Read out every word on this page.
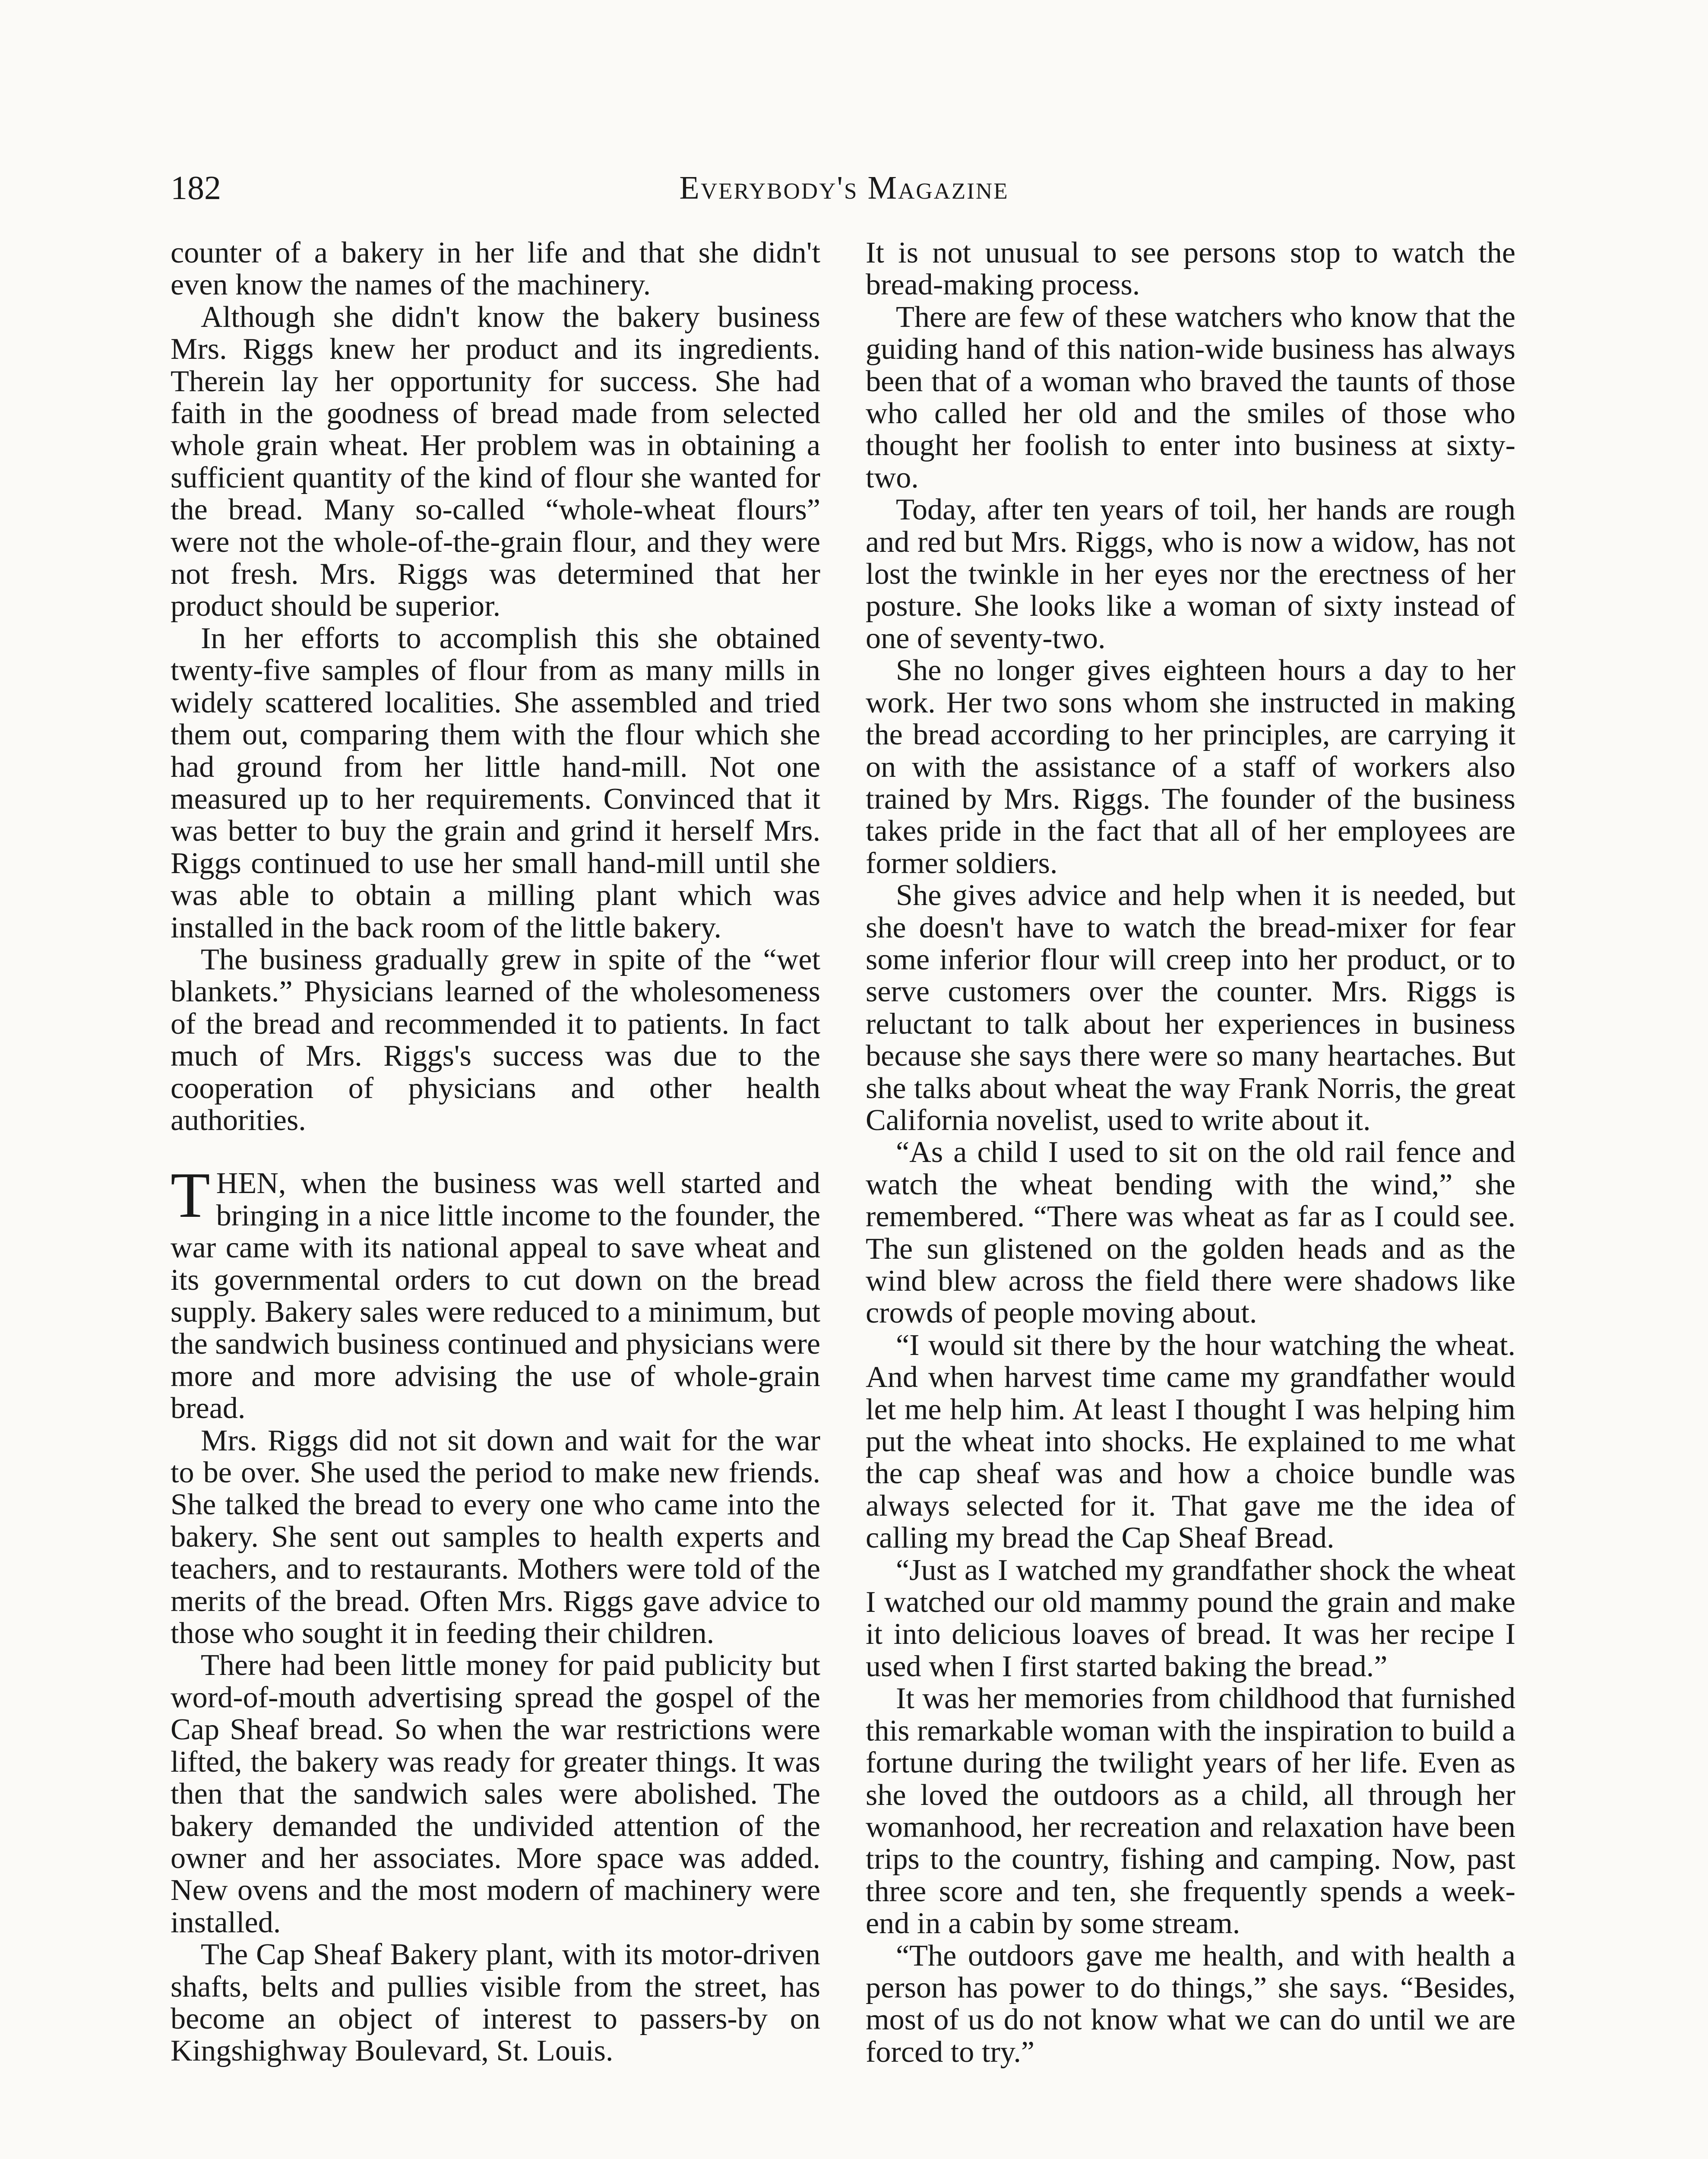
182	Everybody's Magazine

counter of a bakery in her life and that she didn't even know the names of the machinery.

Although she didn't know the bakery business Mrs. Riggs knew her product and its ingredients. Therein lay her opportunity for success. She had faith in the goodness of bread made from selected whole grain wheat. Her problem was in obtaining a sufficient quantity of the kind of flour she wanted for the bread. Many so-called “whole-wheat flours” were not the whole-of-the-grain flour, and they were not fresh. Mrs. Riggs was determined that her product should be superior.

In her efforts to accomplish this she obtained twenty-five samples of flour from as many mills in widely scattered localities. She assembled and tried them out, comparing them with the flour which she had ground from her little hand-mill. Not one measured up to her requirements. Convinced that it was better to buy the grain and grind it herself Mrs. Riggs continued to use her small hand-mill until she was able to obtain a milling plant which was installed in the back room of the little bakery.

The business gradually grew in spite of the “wet blankets.” Physicians learned of the wholesomeness of the bread and recommended it to patients. In fact much of Mrs. Riggs's success was due to the cooperation of physicians and other health authorities.

THEN, when the business was well started and bringing in a nice little income to the founder, the war came with its national appeal to save wheat and its governmental orders to cut down on the bread supply. Bakery sales were reduced to a minimum, but the sandwich business continued and physicians were more and more advising the use of whole-grain bread.

Mrs. Riggs did not sit down and wait for the war to be over. She used the period to make new friends. She talked the bread to every one who came into the bakery. She sent out samples to health experts and teachers, and to restaurants. Mothers were told of the merits of the bread. Often Mrs. Riggs gave advice to those who sought it in feeding their children.

There had been little money for paid publicity but word-of-mouth advertising spread the gospel of the Cap Sheaf bread. So when the war restrictions were lifted, the bakery was ready for greater things. It was then that the sandwich sales were abolished. The bakery demanded the undivided attention of the owner and her associates. More space was added. New ovens and the most modern of machinery were installed.

The Cap Sheaf Bakery plant, with its motor-driven shafts, belts and pullies visible from the street, has become an object of interest to passers-by on Kingshighway Boulevard, St. Louis.

It is not unusual to see persons stop to watch the bread-making process.

There are few of these watchers who know that the guiding hand of this nation-wide business has always been that of a woman who braved the taunts of those who called her old and the smiles of those who thought her foolish to enter into business at sixty-two.

Today, after ten years of toil, her hands are rough and red but Mrs. Riggs, who is now a widow, has not lost the twinkle in her eyes nor the erectness of her posture. She looks like a woman of sixty instead of one of seventy-two.

She no longer gives eighteen hours a day to her work. Her two sons whom she instructed in making the bread according to her principles, are carrying it on with the assistance of a staff of workers also trained by Mrs. Riggs. The founder of the business takes pride in the fact that all of her employees are former soldiers.

She gives advice and help when it is needed, but she doesn't have to watch the bread-mixer for fear some inferior flour will creep into her product, or to serve customers over the counter. Mrs. Riggs is reluctant to talk about her experiences in business because she says there were so many heartaches. But she talks about wheat the way Frank Norris, the great California novelist, used to write about it.

“As a child I used to sit on the old rail fence and watch the wheat bending with the wind,” she remembered. “There was wheat as far as I could see. The sun glistened on the golden heads and as the wind blew across the field there were shadows like crowds of people moving about.

“I would sit there by the hour watching the wheat. And when harvest time came my grandfather would let me help him. At least I thought I was helping him put the wheat into shocks. He explained to me what the cap sheaf was and how a choice bundle was always selected for it. That gave me the idea of calling my bread the Cap Sheaf Bread.

“Just as I watched my grandfather shock the wheat I watched our old mammy pound the grain and make it into delicious loaves of bread. It was her recipe I used when I first started baking the bread.”

It was her memories from childhood that furnished this remarkable woman with the inspiration to build a fortune during the twilight years of her life. Even as she loved the outdoors as a child, all through her womanhood, her recreation and relaxation have been trips to the country, fishing and camping. Now, past three score and ten, she frequently spends a week-end in a cabin by some stream.

“The outdoors gave me health, and with health a person has power to do things,” she says. “Besides, most of us do not know what we can do until we are forced to try.”
